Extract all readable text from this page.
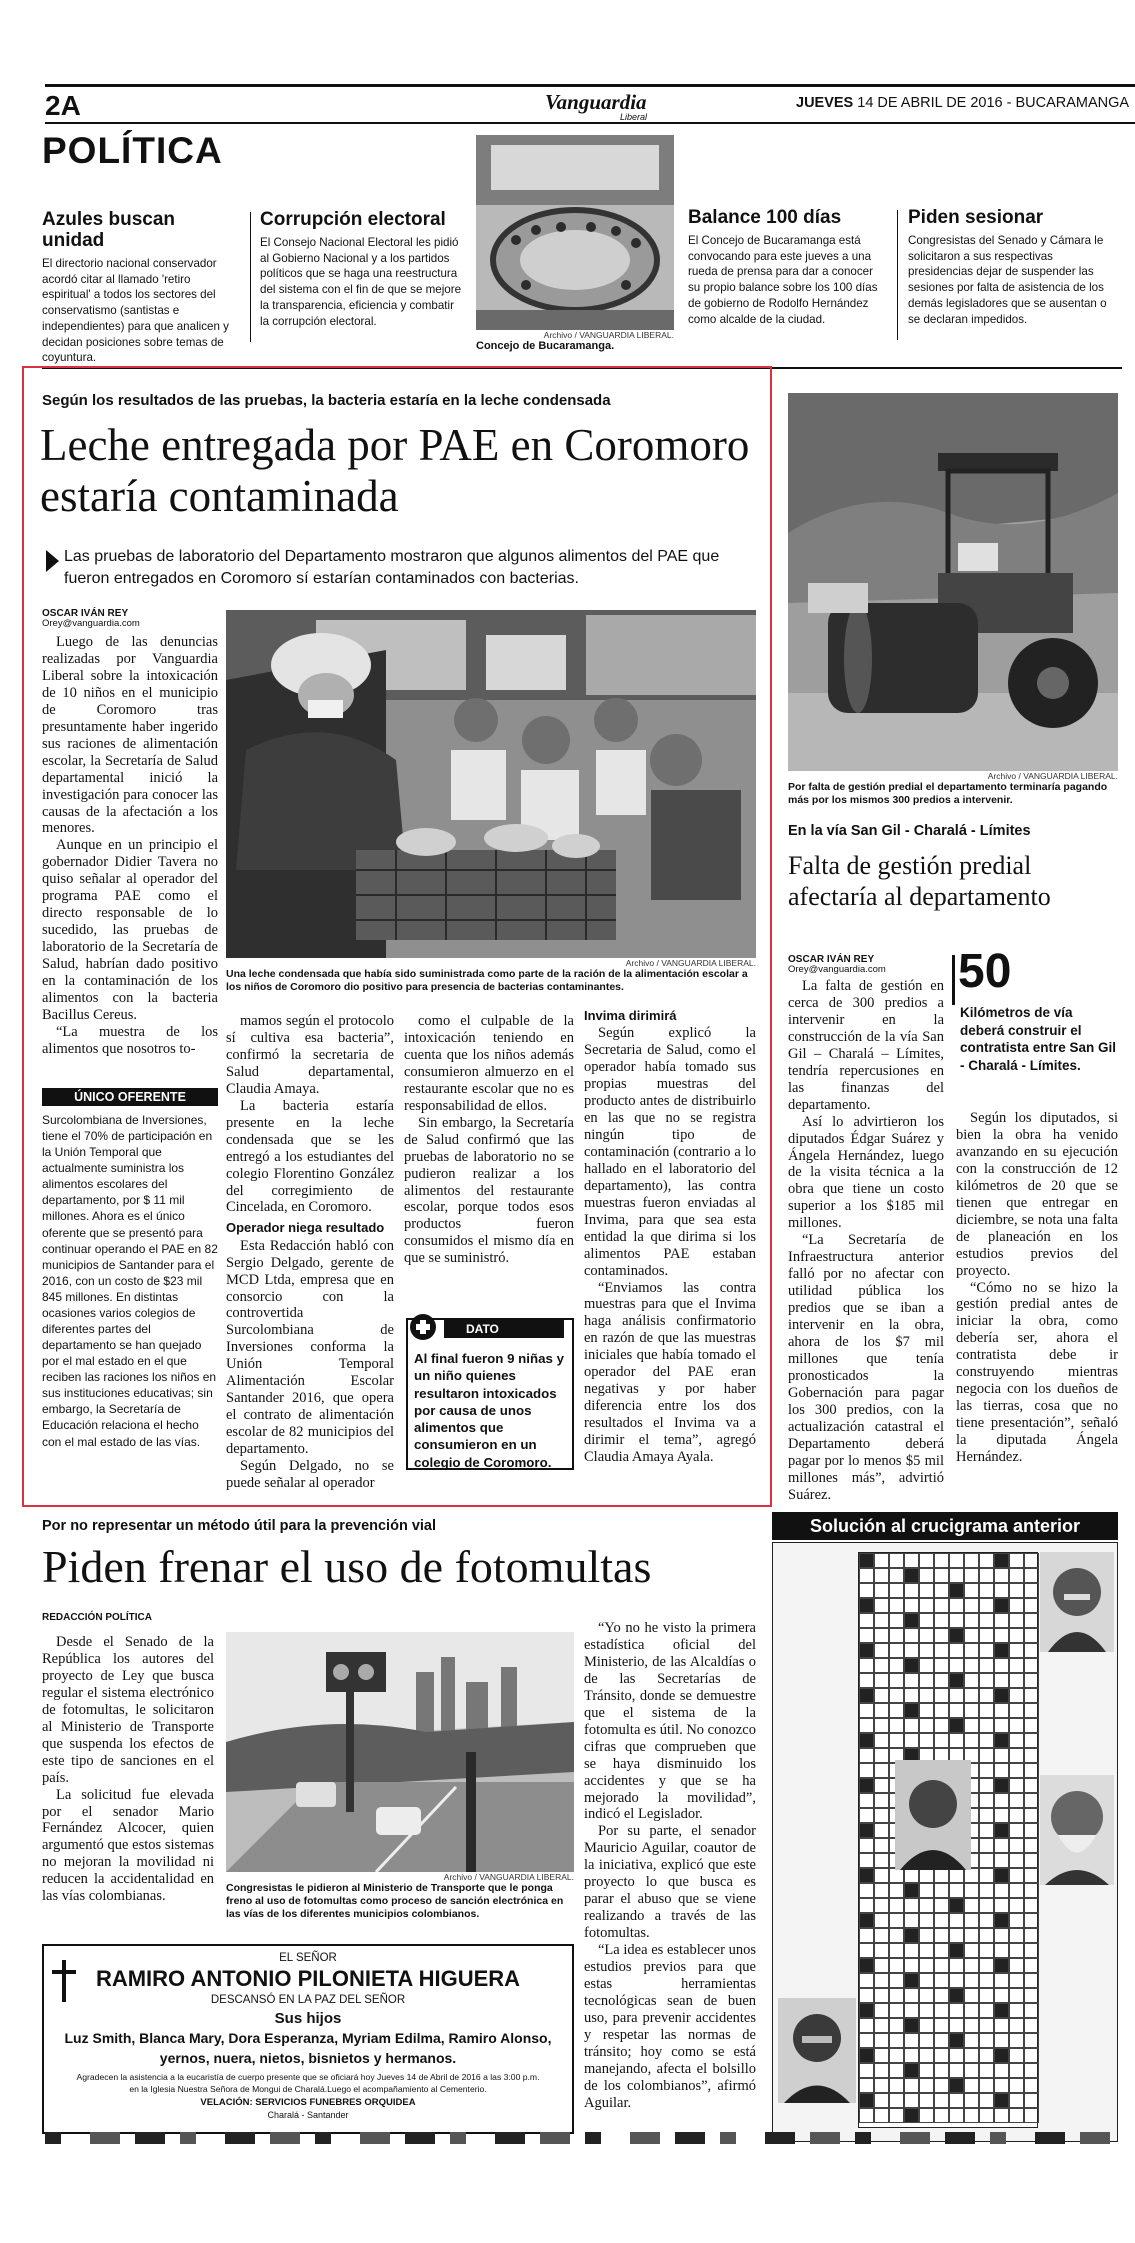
2A	Vanguardia
Liberal
JUEVES 14 DE ABRIL DE 2016 - BUCARAMANGA
POLÍTICA
Azules buscan unidad

El directorio nacional conservador acordó citar al llamado 'retiro espiritual' a todos los sectores del conservatismo (santistas e independientes) para que analicen y decidan posiciones sobre temas de coyuntura.

Corrupción electoral

El Consejo Nacional Electoral les pidió al Gobierno Nacional y a los partidos políticos que se haga una reestructura del sistema con el fin de que se mejore la transparencia, eficiencia y combatir la corrupción electoral.

Archivo / VANGUARDIA LIBERAL.
Concejo de Bucaramanga.
Balance 100 días

El Concejo de Bucaramanga está convocando para este jueves a una rueda de prensa para dar a conocer su propio balance sobre los 100 días de gobierno de Rodolfo Hernández como alcalde de la ciudad.

Piden sesionar

Congresistas del Senado y Cámara le solicitaron a sus respectivas presidencias dejar de suspender las sesiones por falta de asistencia de los demás legisladores que se ausentan o se declaran impedidos.

Según los resultados de las pruebas, la bacteria estaría en la leche condensada
Leche entregada por PAE en Coromoro estaría contaminada
Las pruebas de laboratorio del Departamento mostraron que algunos alimentos del PAE que fueron entregados en Coromoro sí estarían contaminados con bacterias.
OSCAR IVÁN REY
Orey@vanguardia.com

Luego de las denuncias realizadas por Vanguardia Liberal sobre la intoxicación de 10 niños en el municipio de Coromoro tras presuntamente haber ingerido sus raciones de alimentación escolar, la Secretaría de Salud departamental inició la investigación para conocer las causas de la afectación a los menores.

Aunque en un principio el gobernador Didier Tavera no quiso señalar al operador del programa PAE como el directo responsable de lo sucedido, las pruebas de laboratorio de la Secretaría de Salud, habrían dado positivo en la contaminación de los alimentos con la bacteria Bacillus Cereus.

“La muestra de los alimentos que nosotros to-

Archivo / VANGUARDIA LIBERAL.
Una leche condensada que había sido suministrada como parte de la ración de la alimentación escolar a los niños de Coromoro dio positivo para presencia de bacterias contaminantes.
ÚNICO OFERENTE

Surcolombiana de Inversiones, tiene el 70% de participación en la Unión Temporal que actualmente suministra los alimentos escolares del departamento, por $ 11 mil millones. Ahora es el único oferente que se presentó para continuar operando el PAE en 82 municipios de Santander para el 2016, con un costo de $23 mil 845 millones. En distintas ocasiones varios colegios de diferentes partes del departamento se han quejado por el mal estado en el que reciben las raciones los niños en sus instituciones educativas; sin embargo, la Secretaría de Educación relaciona el hecho con el mal estado de las vías.

mamos según el protocolo sí cultiva esa bacteria”, confirmó la secretaria de Salud departamental, Claudia Amaya.

La bacteria estaría presente en la leche condensada que se les entregó a los estudiantes del colegio Florentino González del corregimiento de Cincelada, en Coromoro.

Operador niega resultado

Esta Redacción habló con Sergio Delgado, gerente de MCD Ltda, empresa que en consorcio con la controvertida Surcolombiana de Inversiones conforma la Unión Temporal Alimentación Escolar Santander 2016, que opera el contrato de alimentación escolar de 82 municipios del departamento.

Según Delgado, no se puede señalar al operador

como el culpable de la intoxicación teniendo en cuenta que los niños además consumieron almuerzo en el restaurante escolar que no es responsabilidad de ellos.

Sin embargo, la Secretaría de Salud confirmó que las pruebas de laboratorio no se pudieron realizar a los alimentos del restaurante escolar, porque todos esos productos fueron consumidos el mismo día en que se suministró.

DATO
Al final fueron 9 niñas y un niño quienes resultaron intoxicados por causa de unos alimentos que consumieron en un colegio de Coromoro.
Invima dirimirá

Según explicó la Secretaria de Salud, como el operador había tomado sus propias muestras del producto antes de distribuirlo en las que no se registra ningún tipo de contaminación (contrario a lo hallado en el laboratorio del departamento), las contra muestras fueron enviadas al Invima, para que sea esta entidad la que dirima si los alimentos PAE estaban contaminados.

“Enviamos las contra muestras para que el Invima haga análisis confirmatorio en razón de que las muestras iniciales que había tomado el operador del PAE eran negativas y por haber diferencia entre los dos resultados el Invima va a dirimir el tema”, agregó Claudia Amaya Ayala.

Archivo / VANGUARDIA LIBERAL.
Por falta de gestión predial el departamento terminaría pagando más por los mismos 300 predios a intervenir.
En la vía San Gil - Charalá - Límites
Falta de gestión predial afectaría al departamento
OSCAR IVÁN REY
Orey@vanguardia.com

La falta de gestión en cerca de 300 predios a intervenir en la construcción de la vía San Gil – Charalá – Límites, tendría repercusiones en las finanzas del departamento.

Así lo advirtieron los diputados Édgar Suárez y Ángela Hernández, luego de la visita técnica a la obra que tiene un costo superior a los $185 mil millones.

“La Secretaría de Infraestructura anterior falló por no afectar con utilidad pública los predios que se iban a intervenir en la obra, ahora de los $7 mil millones que tenía pronosticados la Gobernación para pagar los 300 predios, con la actualización catastral el Departamento deberá pagar por lo menos $5 mil millones más”, advirtió Suárez.

50
Kilómetros de vía deberá construir el contratista entre San Gil - Charalá - Límites.

Según los diputados, si bien la obra ha venido avanzando en su ejecución con la construcción de 12 kilómetros de 20 que se tienen que entregar en diciembre, se nota una falta de planeación en los estudios previos del proyecto.

“Cómo no se hizo la gestión predial antes de iniciar la obra, como debería ser, ahora el contratista debe ir construyendo mientras negocia con los dueños de las tierras, cosa que no tiene presentación”, señaló la diputada Ángela Hernández.

Por no representar un método útil para la prevención vial
Piden frenar el uso de fotomultas
REDACCIÓN POLÍTICA

Desde el Senado de la República los autores del proyecto de Ley que busca regular el sistema electrónico de fotomultas, le solicitaron al Ministerio de Transporte que suspenda los efectos de este tipo de sanciones en el país.

La solicitud fue elevada por el senador Mario Fernández Alcocer, quien argumentó que estos sistemas no mejoran la movilidad ni reducen la accidentalidad en las vías colombianas.

Archivo / VANGUARDIA LIBERAL.
Congresistas le pidieron al Ministerio de Transporte que le ponga freno al uso de fotomultas como proceso de sanción electrónica en las vías de los diferentes municipios colombianos.

“Yo no he visto la primera estadística oficial del Ministerio, de las Alcaldías o de las Secretarías de Tránsito, donde se demuestre que el sistema de la fotomulta es útil. No conozco cifras que comprueben que se haya disminuido los accidentes y que se ha mejorado la movilidad”, indicó el Legislador.

Por su parte, el senador Mauricio Aguilar, coautor de la iniciativa, explicó que este proyecto lo que busca es parar el abuso que se viene realizando a través de las fotomultas.

“La idea es establecer unos estudios previos para que estas herramientas tecnológicas sean de buen uso, para prevenir accidentes y respetar las normas de tránsito; hoy como se está manejando, afecta el bolsillo de los colombianos”, afirmó Aguilar.

EL SEÑOR
RAMIRO ANTONIO PILONIETA HIGUERA
DESCANSÓ EN LA PAZ DEL SEÑOR
Sus hijos
Luz Smith, Blanca Mary, Dora Esperanza, Myriam Edilma, Ramiro Alonso,
yernos, nuera, nietos, bisnietos y hermanos.
Agradecen la asistencia a la eucaristía de cuerpo presente que se oficiará hoy Jueves 14 de Abril de 2016 a las 3:00 p.m.
en la Iglesia Nuestra Señora de Mongui de Charalá.Luego el acompañamiento al Cementerio.
VELACIÓN: SERVICIOS FUNEBRES ORQUIDEA
Charalá - Santander
Solución al crucigrama anterior
